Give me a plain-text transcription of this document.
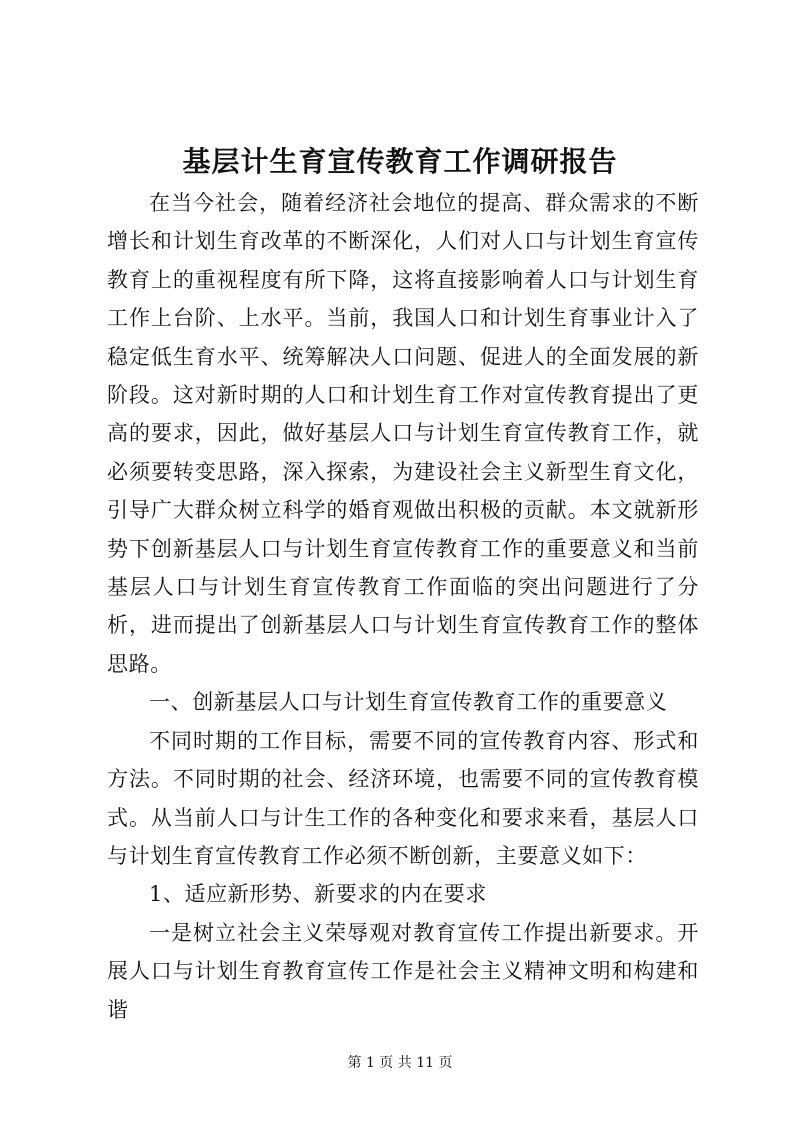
基层计生育宣传教育工作调研报告

在当今社会，随着经济社会地位的提高、群众需求的不断增长和计划生育改革的不断深化，人们对人口与计划生育宣传教育上的重视程度有所下降，这将直接影响着人口与计划生育工作上台阶、上水平。当前，我国人口和计划生育事业计入了稳定低生育水平、统筹解决人口问题、促进人的全面发展的新阶段。这对新时期的人口和计划生育工作对宣传教育提出了更高的要求，因此，做好基层人口与计划生育宣传教育工作，就必须要转变思路，深入探索，为建设社会主义新型生育文化，引导广大群众树立科学的婚育观做出积极的贡献。本文就新形势下创新基层人口与计划生育宣传教育工作的重要意义和当前基层人口与计划生育宣传教育工作面临的突出问题进行了分析，进而提出了创新基层人口与计划生育宣传教育工作的整体思路。

一、创新基层人口与计划生育宣传教育工作的重要意义

不同时期的工作目标，需要不同的宣传教育内容、形式和方法。不同时期的社会、经济环境，也需要不同的宣传教育模式。从当前人口与计生工作的各种变化和要求来看，基层人口与计划生育宣传教育工作必须不断创新，主要意义如下：

1、适应新形势、新要求的内在要求

一是树立社会主义荣辱观对教育宣传工作提出新要求。开展人口与计划生育教育宣传工作是社会主义精神文明和构建和谐

第 1 页 共 11 页
